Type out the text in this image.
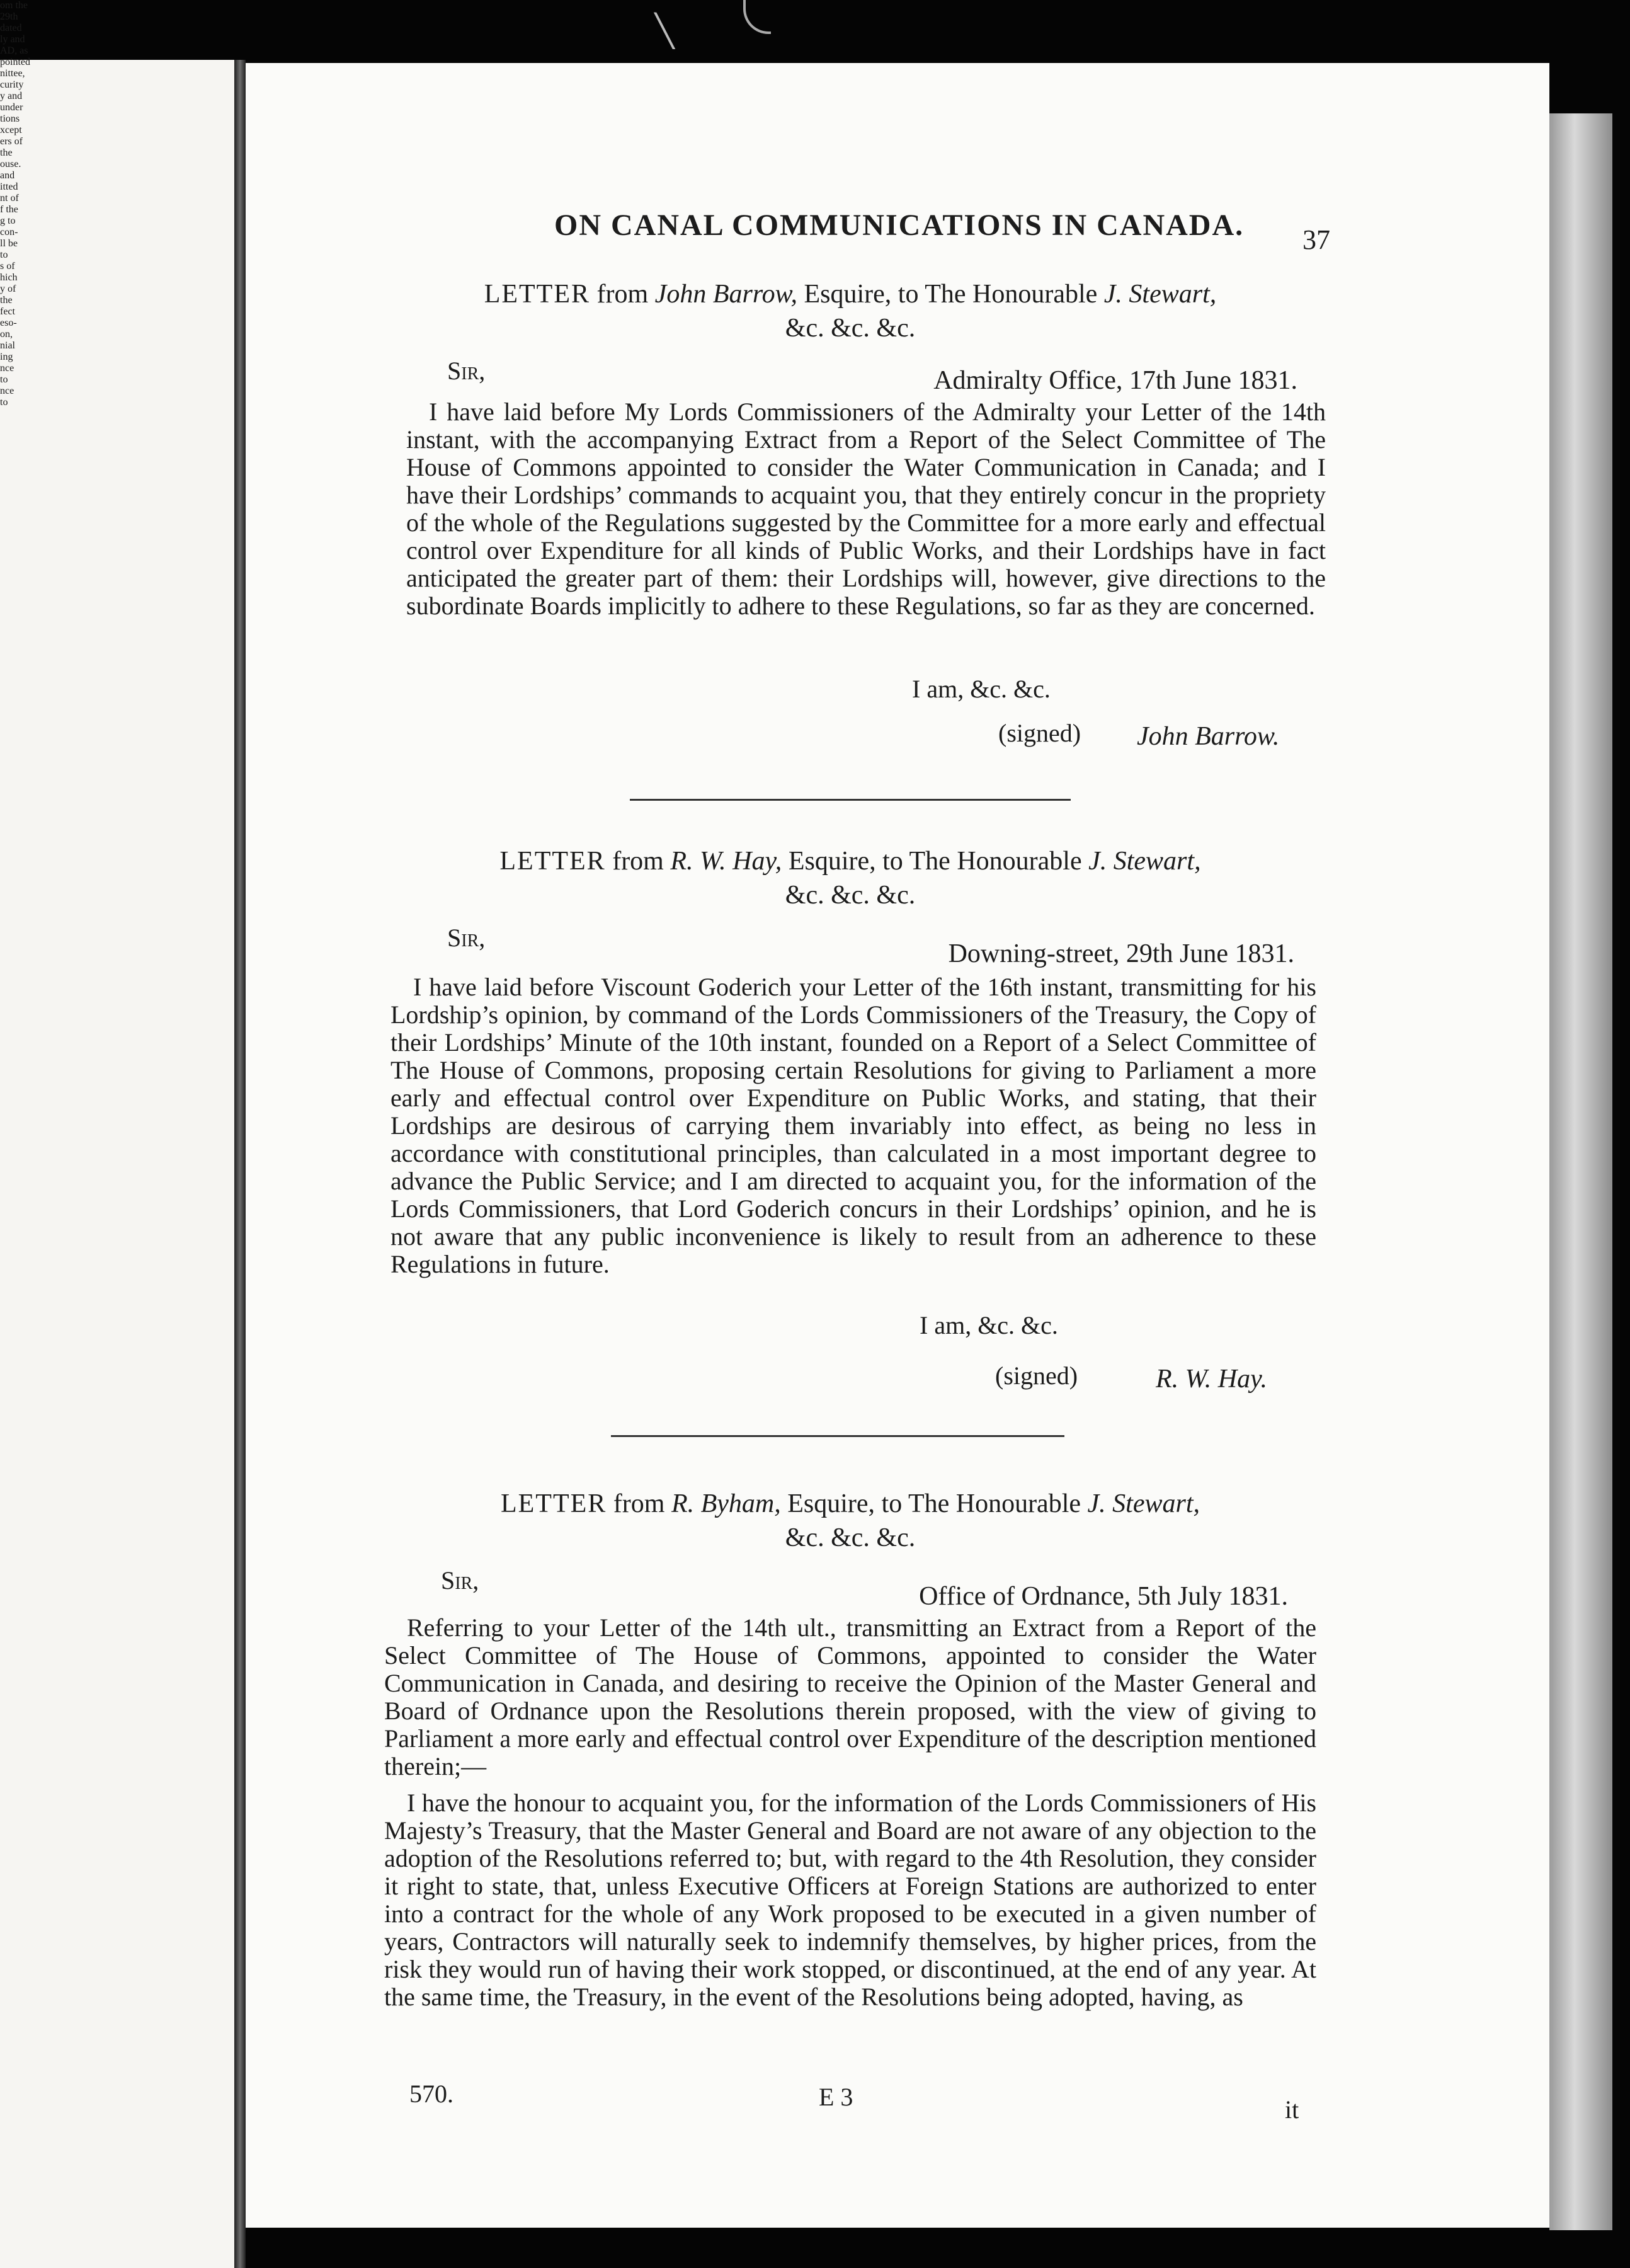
╲
om the
29th
dated
ly and
AD, as
pointed
nittee,
curity
y and
under
tions
xcept
ers of
the
ouse.
and
itted
nt of
f the
g to
con-
ll be
to
s of
hich
y of
the
fect
eso-
on,
nial
ing
nce
to
nce
to
ON CANAL COMMUNICATIONS IN CANADA. 37
LETTER from John Barrow, Esquire, to The Honourable J. Stewart,
&c. &c. &c.
Sir,	Admiralty Office, 17th June 1831.

I have laid before My Lords Commissioners of the Admiralty your Letter of the 14th instant, with the accompanying Extract from a Report of the Select Committee of The House of Commons appointed to consider the Water Communication in Canada; and I have their Lordships’ commands to acquaint you, that they entirely concur in the propriety of the whole of the Regulations suggested by the Committee for a more early and effectual control over Expenditure for all kinds of Public Works, and their Lordships have in fact anticipated the greater part of them: their Lordships will, however, give directions to the subordinate Boards implicitly to adhere to these Regulations, so far as they are concerned.

I am, &c. &c.
(signed) John Barrow.
LETTER from R. W. Hay, Esquire, to The Honourable J. Stewart,
&c. &c. &c.
Sir,
Downing-street, 29th June 1831.

I have laid before Viscount Goderich your Letter of the 16th instant, transmitting for his Lordship’s opinion, by command of the Lords Commissioners of the Treasury, the Copy of their Lordships’ Minute of the 10th instant, founded on a Report of a Select Committee of The House of Commons, proposing certain Resolutions for giving to Parliament a more early and effectual control over Expenditure on Public Works, and stating, that their Lordships are desirous of carrying them invariably into effect, as being no less in accordance with constitutional principles, than calculated in a most important degree to advance the Public Service; and I am directed to acquaint you, for the information of the Lords Commissioners, that Lord Goderich concurs in their Lordships’ opinion, and he is not aware that any public inconvenience is likely to result from an adherence to these Regulations in future.

I am, &c. &c.
(signed)	R. W. Hay.
LETTER from R. Byham, Esquire, to The Honourable J. Stewart,
&c. &c. &c.
Sir,
Office of Ordnance, 5th July 1831.

Referring to your Letter of the 14th ult., transmitting an Extract from a Report of the Select Committee of The House of Commons, appointed to consider the Water Communication in Canada, and desiring to receive the Opinion of the Master General and Board of Ordnance upon the Resolutions therein proposed, with the view of giving to Parliament a more early and effectual control over Expenditure of the description mentioned therein;—

I have the honour to acquaint you, for the information of the Lords Commissioners of His Majesty’s Treasury, that the Master General and Board are not aware of any objection to the adoption of the Resolutions referred to; but, with regard to the 4th Resolution, they consider it right to state, that, unless Executive Officers at Foreign Stations are authorized to enter into a contract for the whole of any Work proposed to be executed in a given number of years, Contractors will naturally seek to indemnify themselves, by higher prices, from the risk they would run of having their work stopped, or discontinued, at the end of any year. At the same time, the Treasury, in the event of the Resolutions being adopted, having, as

570.	E 3	it
